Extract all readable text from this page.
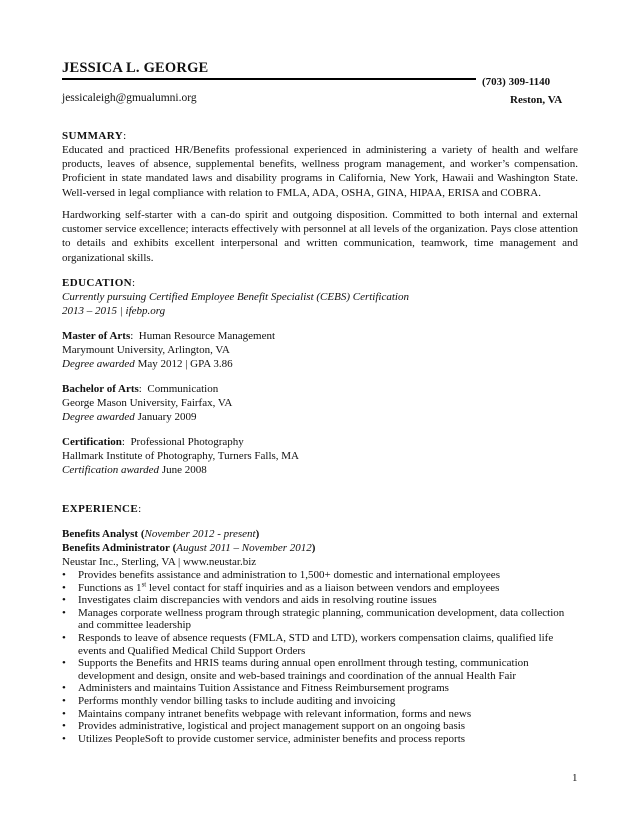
JESSICA L. GEORGE
(703) 309-1140
jessicaleigh@gmualumni.org	Reston, VA
SUMMARY:
Educated and practiced HR/Benefits professional experienced in administering a variety of health and welfare products, leaves of absence, supplemental benefits, wellness program management, and worker’s compensation. Proficient in state mandated laws and disability programs in California, New York, Hawaii and Washington State. Well-versed in legal compliance with relation to FMLA, ADA, OSHA, GINA, HIPAA, ERISA and COBRA.
Hardworking self-starter with a can-do spirit and outgoing disposition. Committed to both internal and external customer service excellence; interacts effectively with personnel at all levels of the organization. Pays close attention to details and exhibits excellent interpersonal and written communication, teamwork, time management and organizational skills.
EDUCATION:
Currently pursuing Certified Employee Benefit Specialist (CEBS) Certification
2013 – 2015 | ifebp.org
Master of Arts:  Human Resource Management
Marymount University, Arlington, VA
Degree awarded May 2012 | GPA 3.86
Bachelor of Arts:  Communication
George Mason University, Fairfax, VA
Degree awarded January 2009
Certification:  Professional Photography
Hallmark Institute of Photography, Turners Falls, MA
Certification awarded June 2008
EXPERIENCE:
Benefits Analyst (November 2012 - present)
Benefits Administrator (August 2011 – November 2012)
Neustar Inc., Sterling, VA | www.neustar.biz
• Provides benefits assistance and administration to 1,500+ domestic and international employees
• Functions as 1st level contact for staff inquiries and as a liaison between vendors and employees
• Investigates claim discrepancies with vendors and aids in resolving routine issues
• Manages corporate wellness program through strategic planning, communication development, data collection and committee leadership
• Responds to leave of absence requests (FMLA, STD and LTD), workers compensation claims, qualified life events and Qualified Medical Child Support Orders
• Supports the Benefits and HRIS teams during annual open enrollment through testing, communication development and design, onsite and web-based trainings and coordination of the annual Health Fair
• Administers and maintains Tuition Assistance and Fitness Reimbursement programs
• Performs monthly vendor billing tasks to include auditing and invoicing
• Maintains company intranet benefits webpage with relevant information, forms and news
• Provides administrative, logistical and project management support on an ongoing basis
• Utilizes PeopleSoft to provide customer service, administer benefits and process reports
1
